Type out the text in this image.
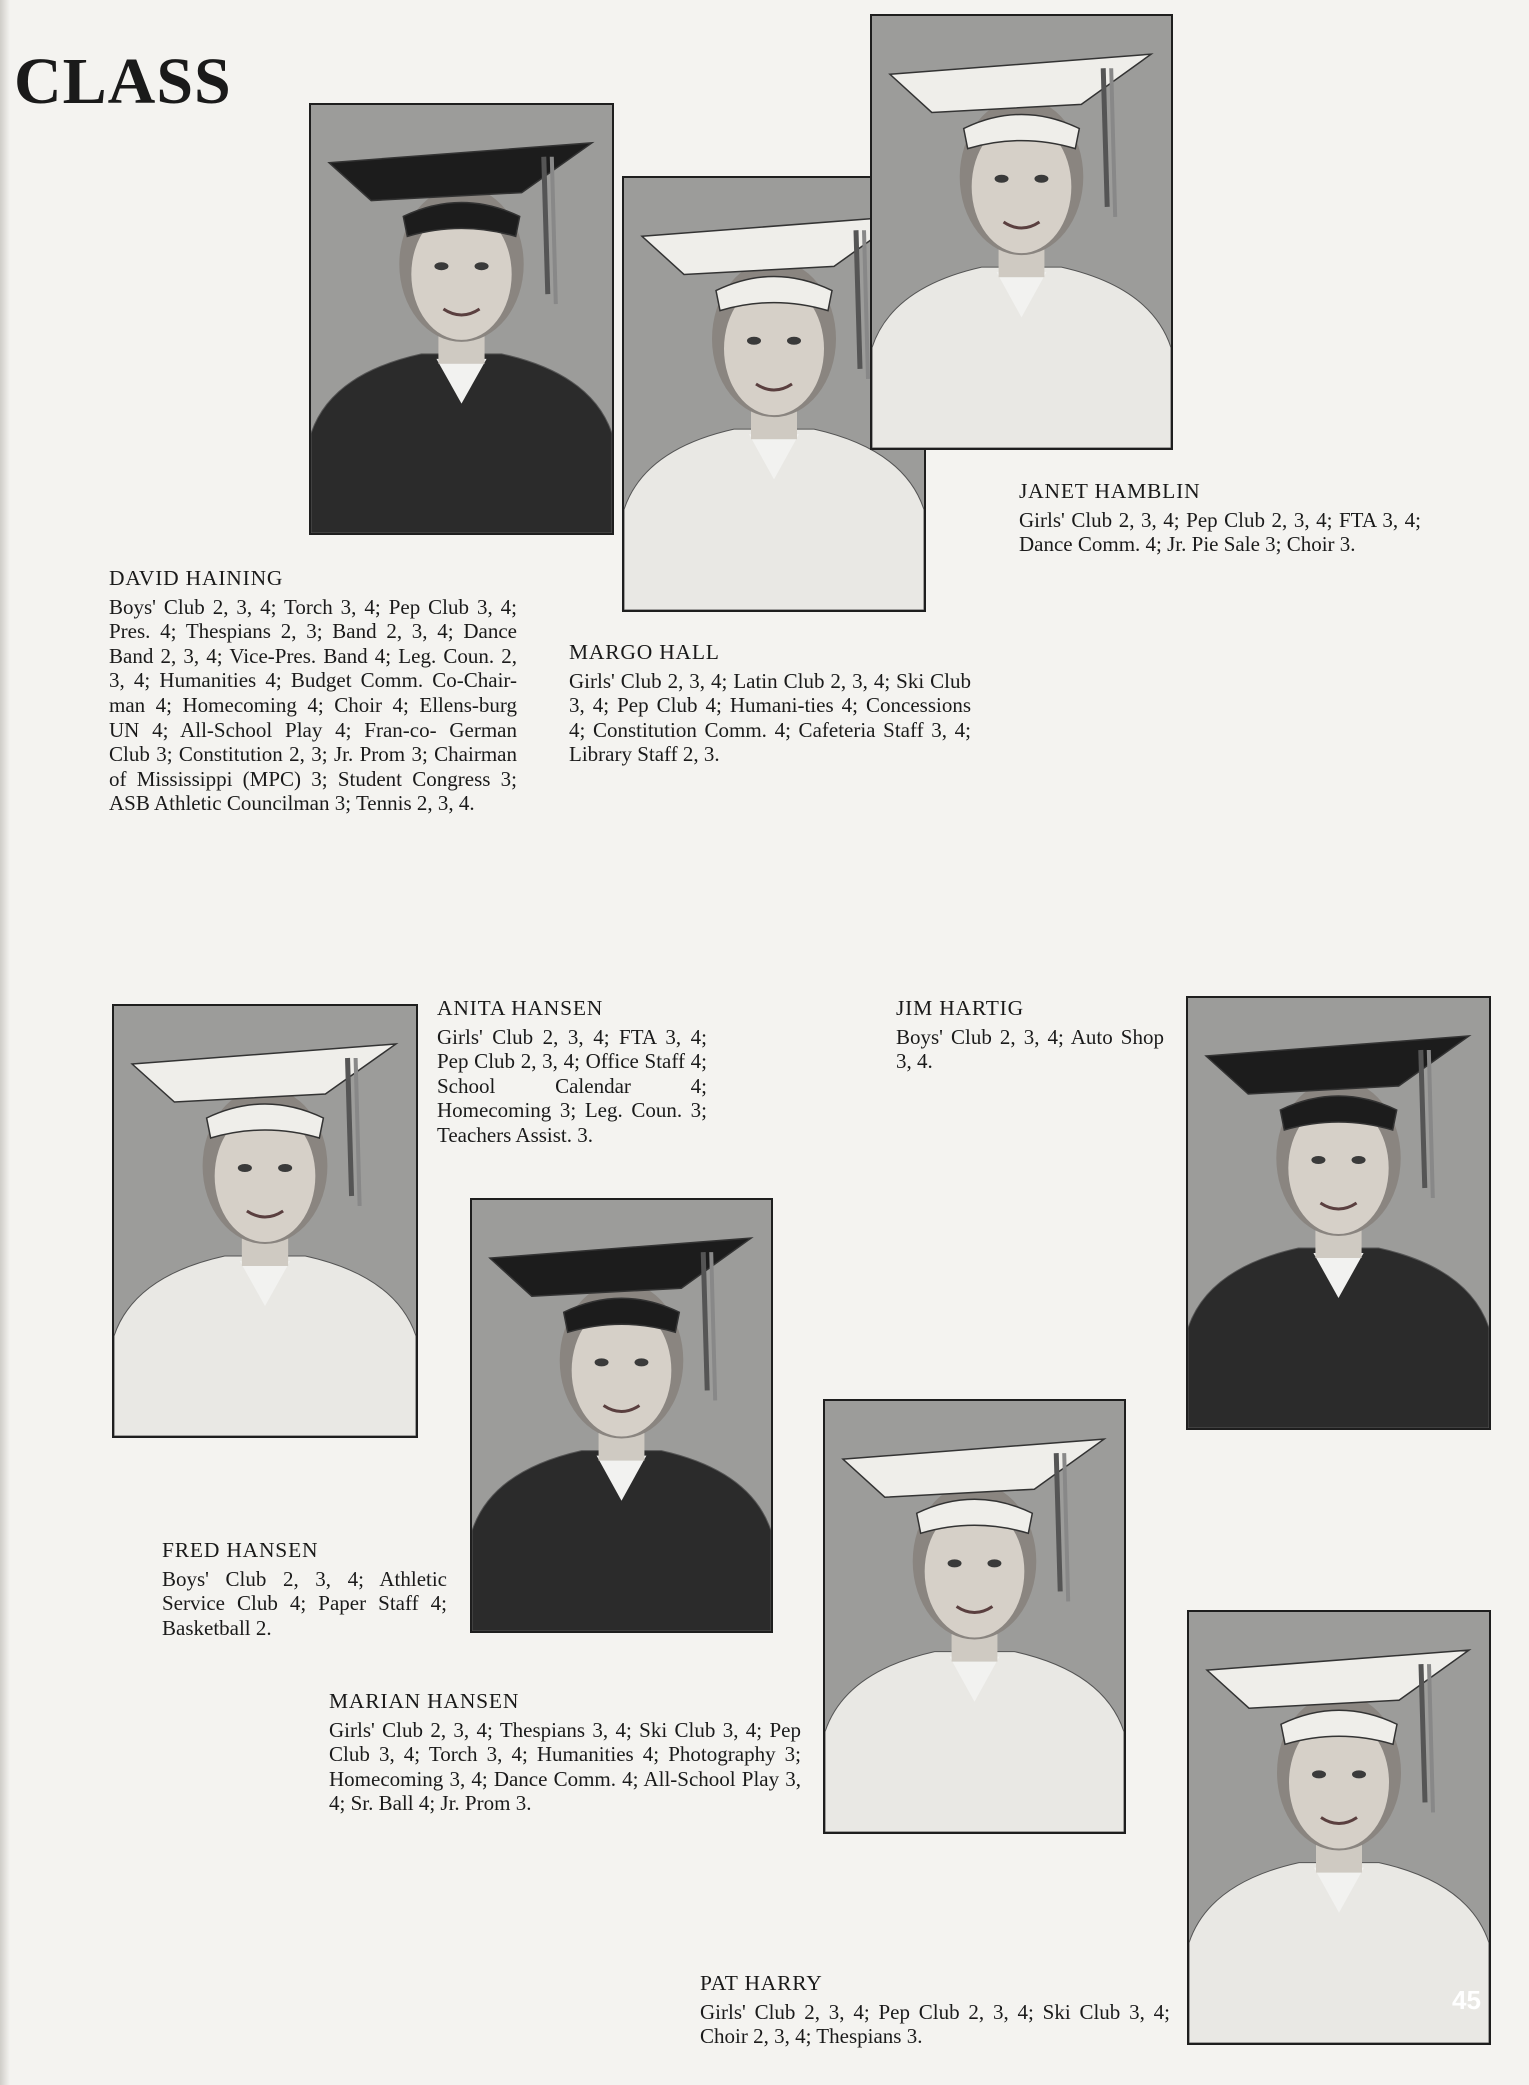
CLASS
DAVID HAINING
Boys' Club 2, 3, 4; Torch 3, 4; Pep Club 3, 4; Pres. 4; Thespians 2, 3; Band 2, 3, 4; Dance Band 2, 3, 4; Vice-Pres. Band 4; Leg. Coun. 2, 3, 4; Humanities 4; Budget Comm. Co-Chair-man 4; Homecoming 4; Choir 4; Ellens-burg UN 4; All-School Play 4; Fran-co- German Club 3; Constitution 2, 3; Jr. Prom 3; Chairman of Mississippi (MPC) 3; Student Congress 3; ASB Athletic Councilman 3; Tennis 2, 3, 4.
MARGO HALL
Girls' Club 2, 3, 4; Latin Club 2, 3, 4; Ski Club 3, 4; Pep Club 4; Humani-ties 4; Concessions 4; Constitution Comm. 4; Cafeteria Staff 3, 4; Library Staff 2, 3.
JANET HAMBLIN
Girls' Club 2, 3, 4; Pep Club 2, 3, 4; FTA 3, 4; Dance Comm. 4; Jr. Pie Sale 3; Choir 3.
ANITA HANSEN
Girls' Club 2, 3, 4; FTA 3, 4; Pep Club 2, 3, 4; Office Staff 4; School Calendar 4; Homecoming 3; Leg. Coun. 3; Teachers Assist. 3.
JIM HARTIG
Boys' Club 2, 3, 4; Auto Shop 3, 4.
FRED HANSEN
Boys' Club 2, 3, 4; Athletic Service Club 4; Paper Staff 4; Basketball 2.
MARIAN HANSEN
Girls' Club 2, 3, 4; Thespians 3, 4; Ski Club 3, 4; Pep Club 3, 4; Torch 3, 4; Humanities 4; Photography 3; Homecoming 3, 4; Dance Comm. 4; All-School Play 3, 4; Sr. Ball 4; Jr. Prom 3.
PAT HARRY
Girls' Club 2, 3, 4; Pep Club 2, 3, 4; Ski Club 3, 4; Choir 2, 3, 4; Thespians 3.
45
